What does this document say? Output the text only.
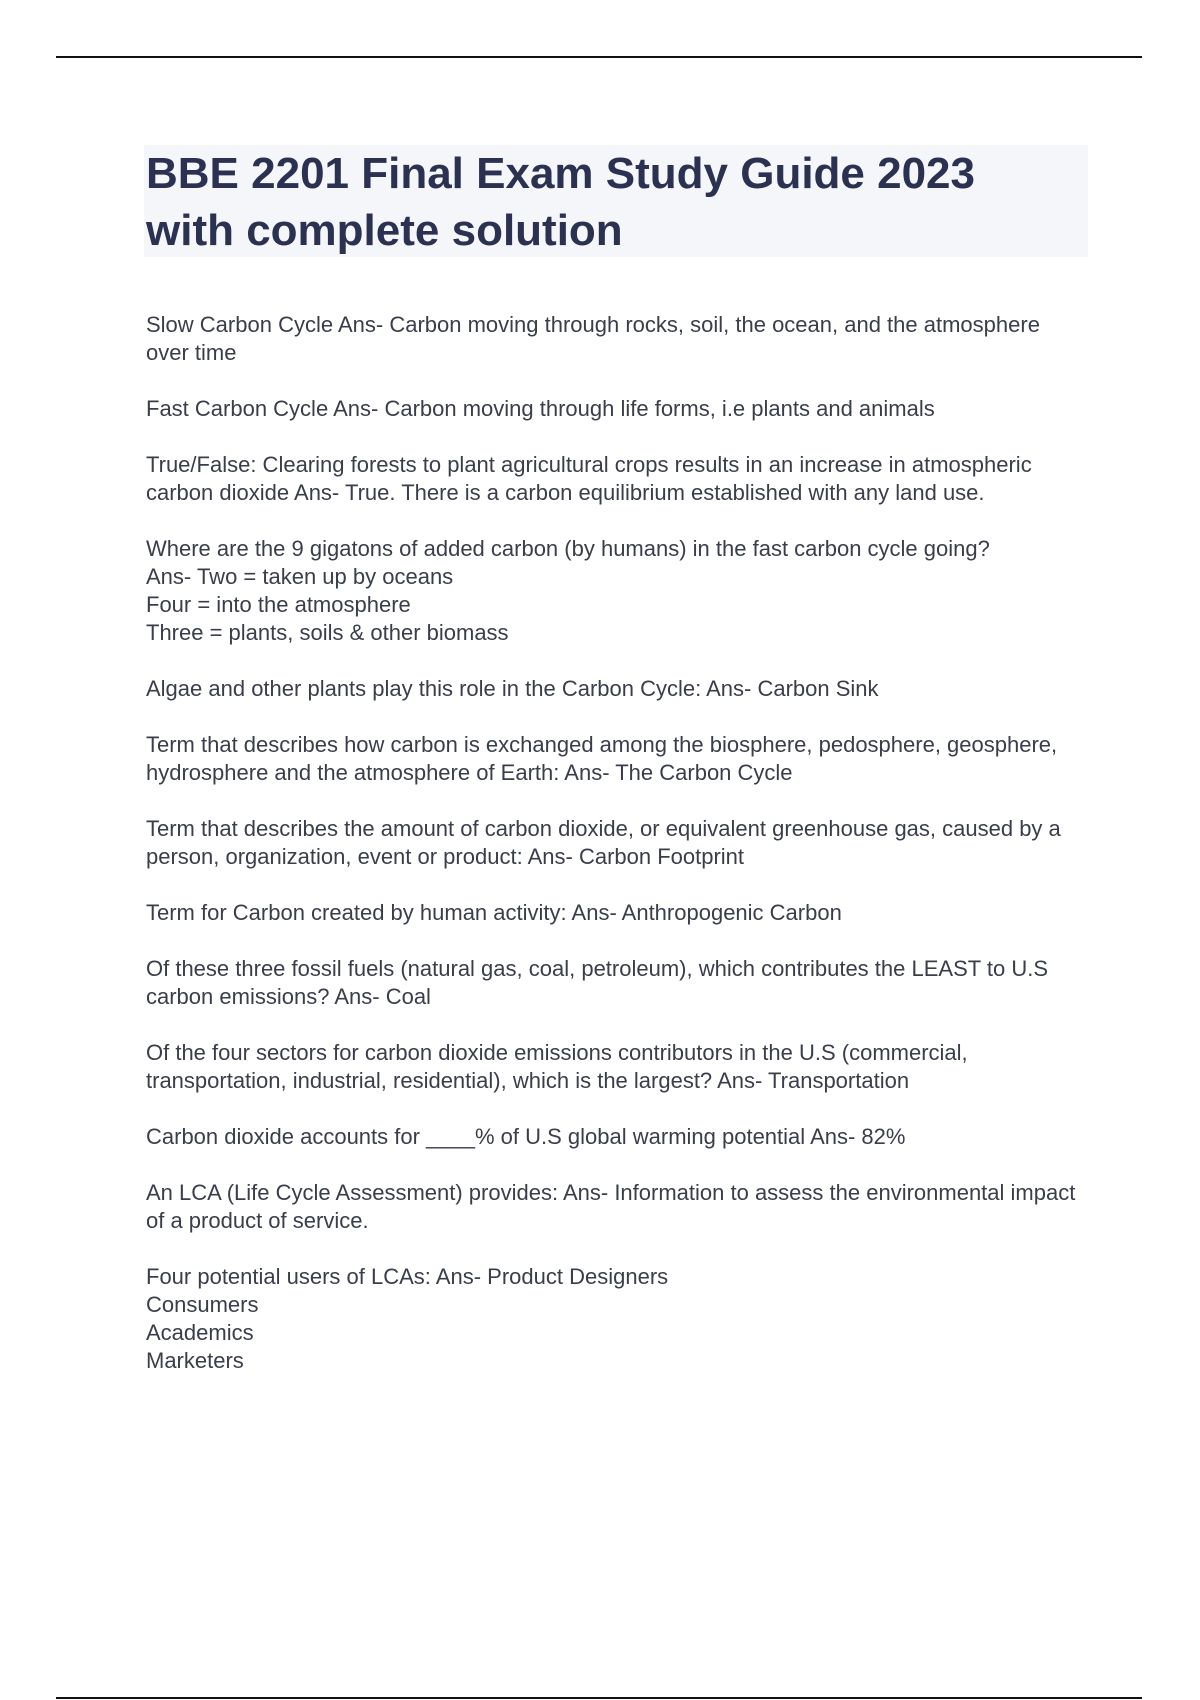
BBE 2201 Final Exam Study Guide 2023
with complete solution
Slow Carbon Cycle Ans- Carbon moving through rocks, soil, the ocean, and the atmosphere over time
Fast Carbon Cycle Ans- Carbon moving through life forms, i.e plants and animals
True/False: Clearing forests to plant agricultural crops results in an increase in atmospheric carbon dioxide Ans- True. There is a carbon equilibrium established with any land use.
Where are the 9 gigatons of added carbon (by humans) in the fast carbon cycle going?
Ans- Two = taken up by oceans
Four = into the atmosphere
Three = plants, soils & other biomass
Algae and other plants play this role in the Carbon Cycle: Ans- Carbon Sink
Term that describes how carbon is exchanged among the biosphere, pedosphere, geosphere, hydrosphere and the atmosphere of Earth: Ans- The Carbon Cycle
Term that describes the amount of carbon dioxide, or equivalent greenhouse gas, caused by a person, organization, event or product: Ans- Carbon Footprint
Term for Carbon created by human activity: Ans- Anthropogenic Carbon
Of these three fossil fuels (natural gas, coal, petroleum), which contributes the LEAST to U.S carbon emissions? Ans- Coal
Of the four sectors for carbon dioxide emissions contributors in the U.S (commercial, transportation, industrial, residential), which is the largest? Ans- Transportation
Carbon dioxide accounts for ____% of U.S global warming potential Ans- 82%
An LCA (Life Cycle Assessment) provides: Ans- Information to assess the environmental impact of a product of service.
Four potential users of LCAs: Ans- Product Designers
Consumers
Academics
Marketers
